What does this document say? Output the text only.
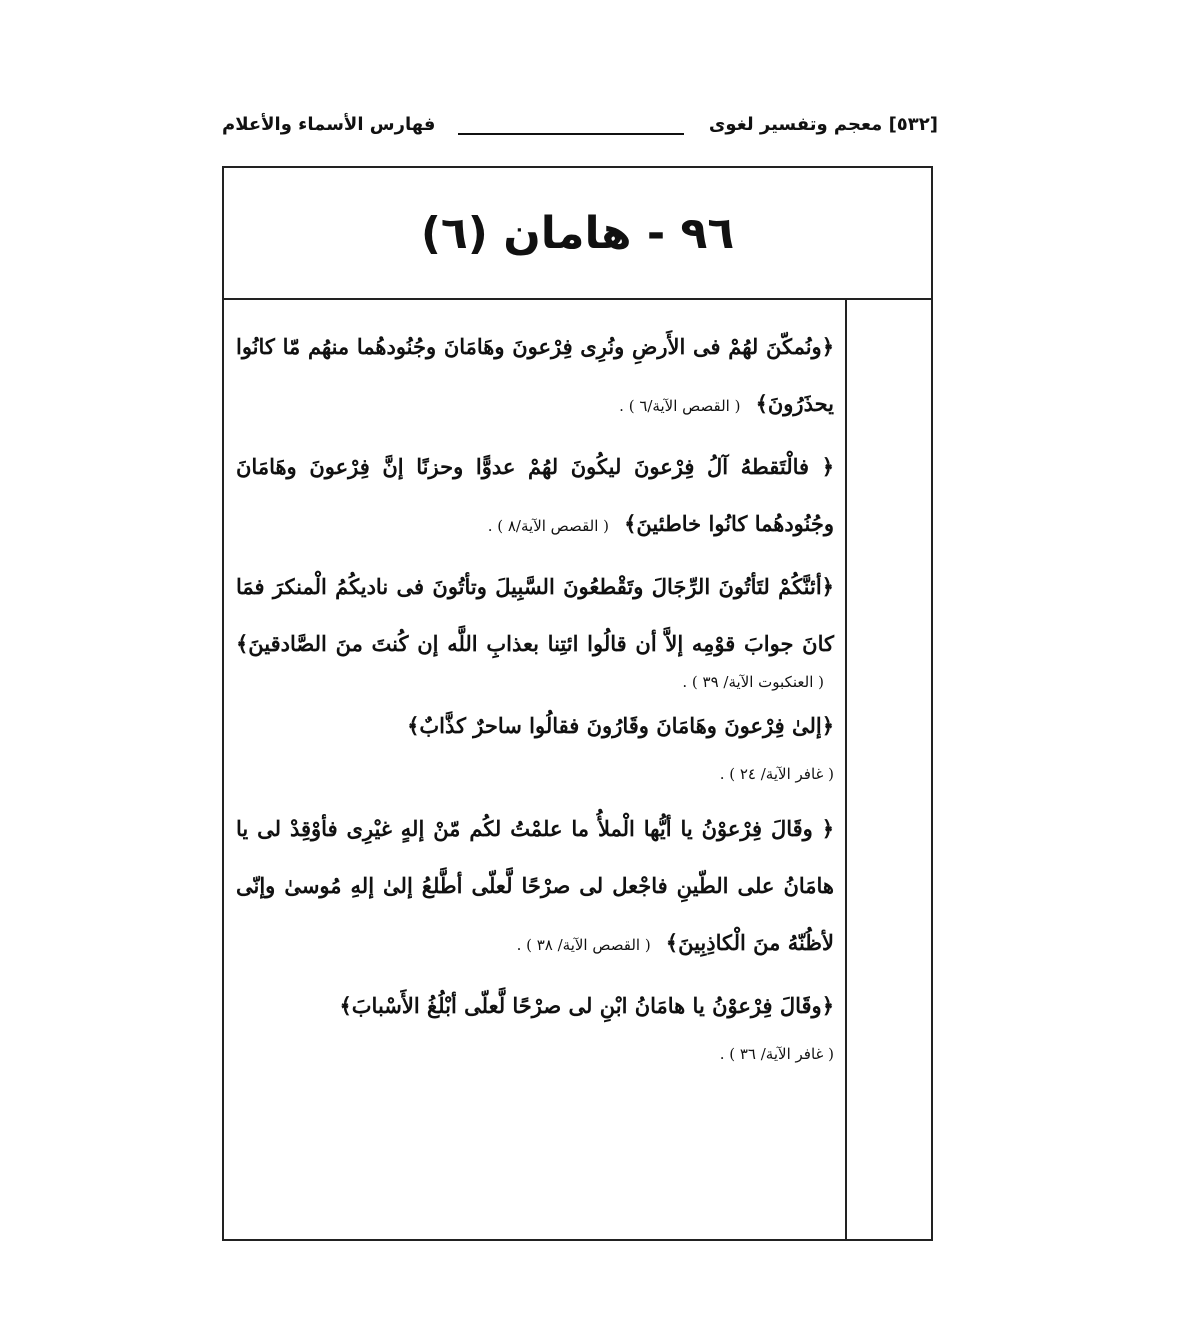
[٥٣٢] معجم وتفسير لغوى
فهارس الأسماء والأعلام
٩٦ - هامان (٦)

﴿ونُمكّنَ لهُمْ فى الأَرضِ ونُرِى فِرْعونَ وهَامَانَ وجُنُودهُما منهُم مّا كانُوا يحذَرُونَ﴾ ( القصص الآية/٦ ) .

﴿ فالْتَقطهُ آلُ فِرْعونَ ليكُونَ لهُمْ عدوًّا وحزنًا إنَّ فِرْعونَ وهَامَانَ وجُنُودهُما كانُوا خاطئينَ﴾ ( القصص الآية/٨ ) .

﴿أئنَّكُمْ لتَأتُونَ الرِّجَالَ وتَقْطعُونَ السَّبِيلَ وتأتُونَ فى ناديكُمُ الْمنكرَ فمَا كانَ جوابَ قوْمِه إلاَّ أن قالُوا ائتِنا بعذابِ اللَّه إن كُنتَ منَ الصَّادقينَ﴾ ( العنكبوت الآية/ ٣٩ ) .

﴿إلىٰ فِرْعونَ وهَامَانَ وقَارُونَ فقالُوا ساحرٌ كذَّابٌ﴾
( غافر الآية/ ٢٤ ) .

﴿ وقَالَ فِرْعوْنُ يا أيُّها الْملأُ ما علمْتُ لكُم مّنْ إلهٍ غيْرِى فأوْقِدْ لى يا هامَانُ على الطّينِ فاجْعل لى صرْحًا لَّعلّى أطَّلعُ إلىٰ إلهِ مُوسىٰ وإنّى لأظُنّهُ منَ الْكاذِبِينَ﴾ ( القصص الآية/ ٣٨ ) .

﴿وقَالَ فِرْعوْنُ يا هامَانُ ابْنِ لى صرْحًا لَّعلّى أبْلُغُ الأَسْبابَ﴾
( غافر الآية/ ٣٦ ) .
